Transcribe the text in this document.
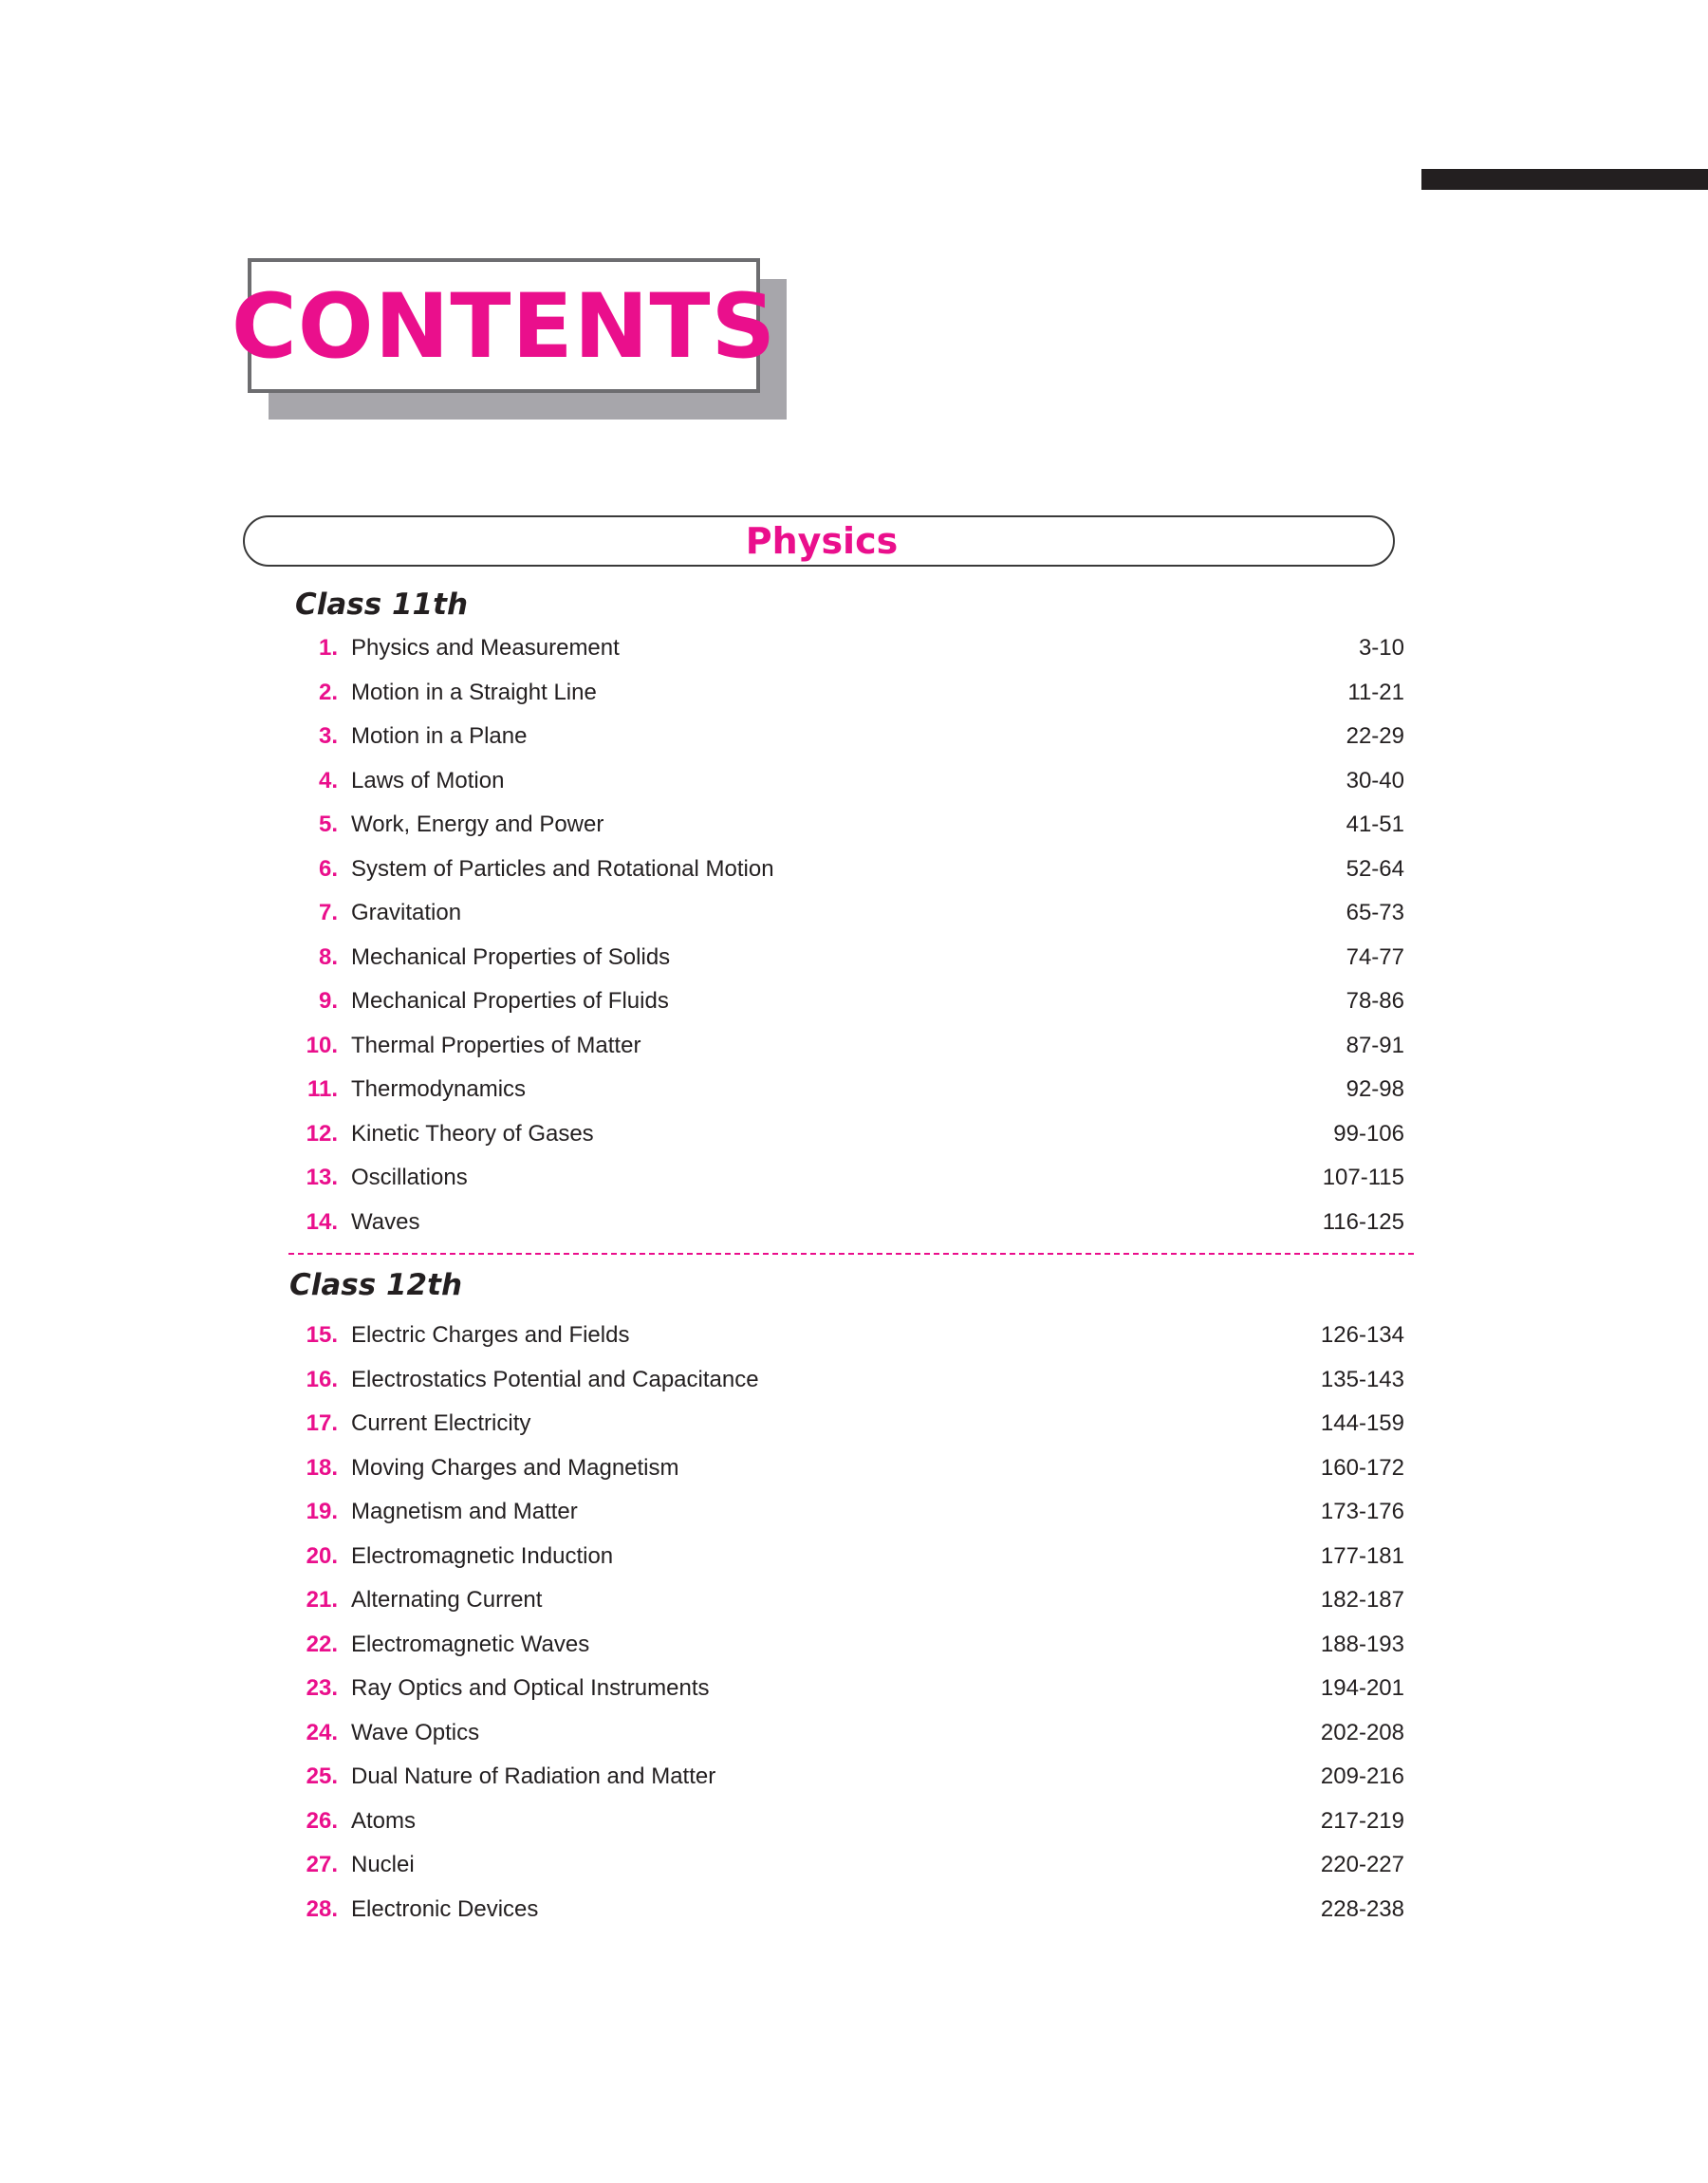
CONTENTS
Physics
Class 11th
1. Physics and Measurement	3-10
2. Motion in a Straight Line	11-21
3. Motion in a Plane	22-29
4. Laws of Motion	30-40
5. Work, Energy and Power	41-51
6. System of Particles and Rotational Motion	52-64
7. Gravitation	65-73
8. Mechanical Properties of Solids	74-77
9. Mechanical Properties of Fluids	78-86
10. Thermal Properties of Matter	87-91
11. Thermodynamics	92-98
12. Kinetic Theory of Gases	99-106
13. Oscillations	107-115
14. Waves	116-125
Class 12th
15. Electric Charges and Fields	126-134
16. Electrostatics Potential and Capacitance	135-143
17. Current Electricity	144-159
18. Moving Charges and Magnetism	160-172
19. Magnetism and Matter	173-176
20. Electromagnetic Induction	177-181
21. Alternating Current	182-187
22. Electromagnetic Waves	188-193
23. Ray Optics and Optical Instruments	194-201
24. Wave Optics	202-208
25. Dual Nature of Radiation and Matter	209-216
26. Atoms	217-219
27. Nuclei	220-227
28. Electronic Devices	228-238
